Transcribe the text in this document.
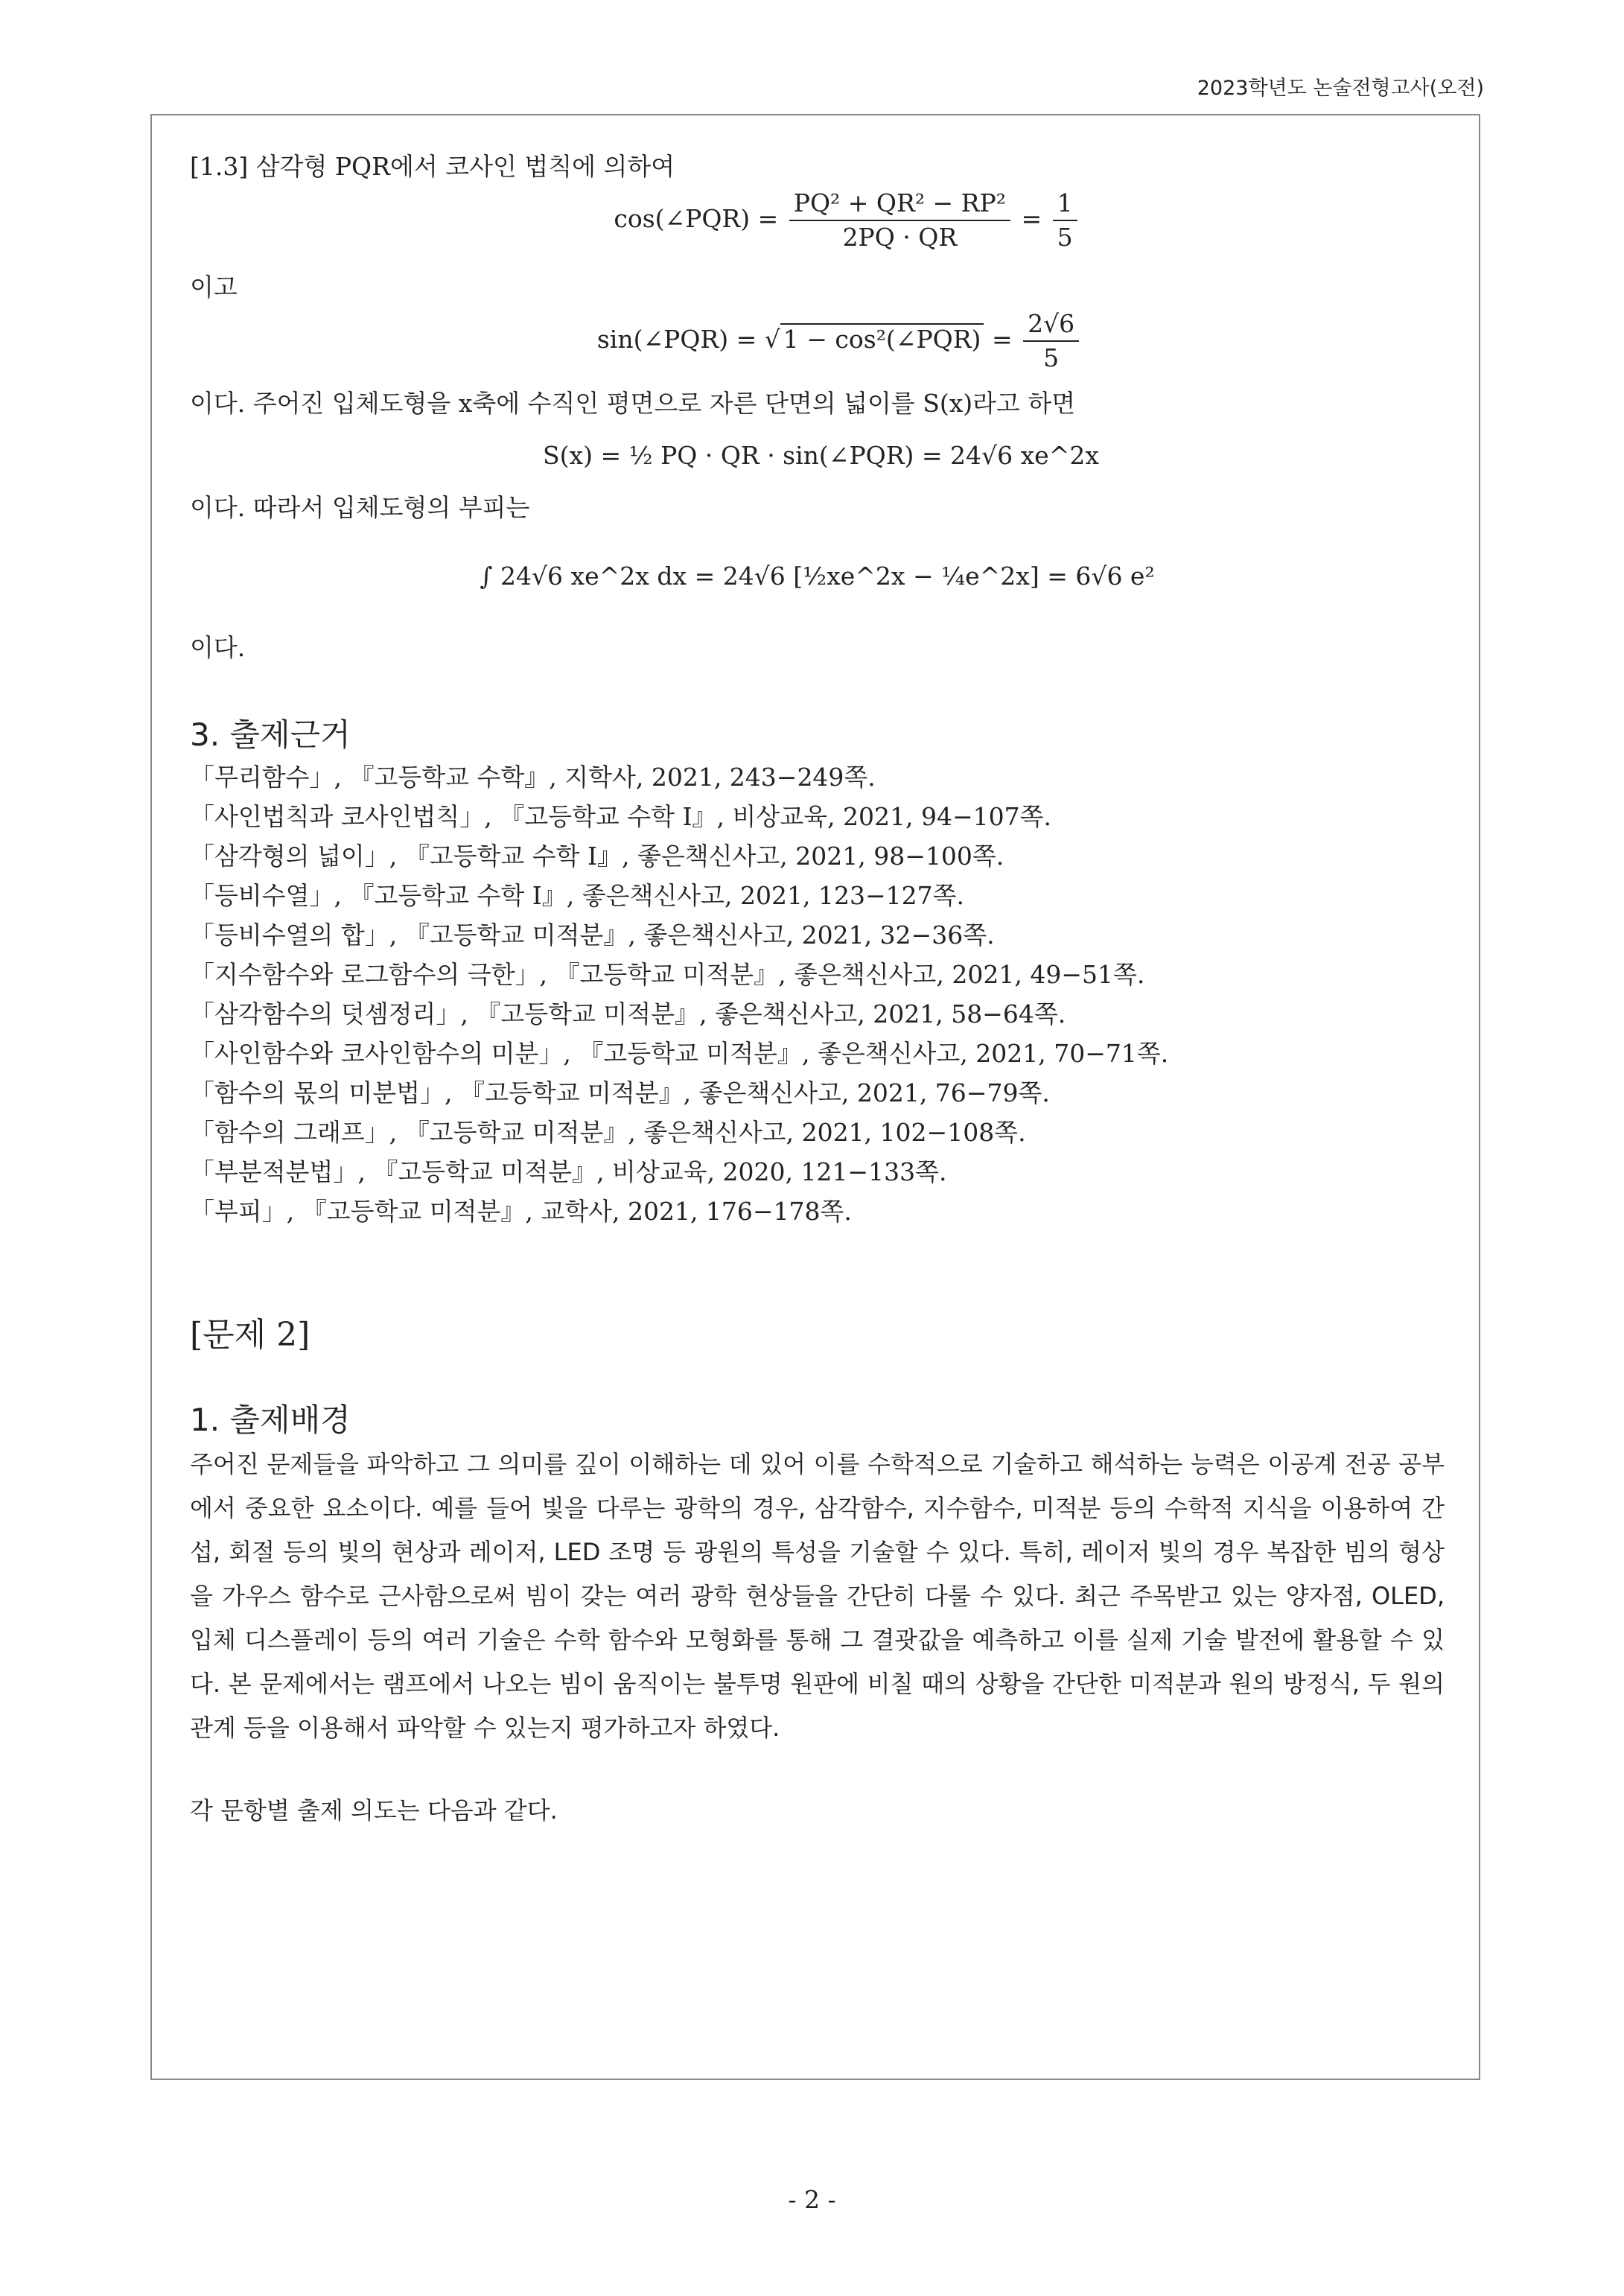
2023학년도 논술전형고사(오전)

[1.3] 삼각형 PQR에서 코사인 법칙에 의하여

cos(∠PQR) = $\frac{\text{PQ² + QR² − RP²}}{2PQ \cdot QR} = \frac{1}{5}$

이고

sin(∠PQR) = √ 1 − cos²(∠PQR) = $\frac{2√6}{5}$

이다. 주어진 입체도형을 x축에 수직인 평면으로 자른 단면의 넓이를 S(x)라고 하면

S(x) = ½ PQ · QR · sin(∠PQR) = 24√6 xe^2x

이다. 따라서 입체도형의 부피는

∫ 24√6 xe^2x dx = 24√6 [½xe^2x − ¼e^2x] = 6√6 e²

이다.

3. 출제근거

「무리함수」, 『고등학교 수학』, 지학사, 2021, 243−249쪽.

「사인법칙과 코사인법칙」, 『고등학교 수학 I』, 비상교육, 2021, 94−107쪽.

「삼각형의 넓이」, 『고등학교 수학 I』, 좋은책신사고, 2021, 98−100쪽.

「등비수열」, 『고등학교 수학 I』, 좋은책신사고, 2021, 123−127쪽.

「등비수열의 합」, 『고등학교 미적분』, 좋은책신사고, 2021, 32−36쪽.

「지수함수와 로그함수의 극한」, 『고등학교 미적분』, 좋은책신사고, 2021, 49−51쪽.

「삼각함수의 덧셈정리」, 『고등학교 미적분』, 좋은책신사고, 2021, 58−64쪽.

「사인함수와 코사인함수의 미분」, 『고등학교 미적분』, 좋은책신사고, 2021, 70−71쪽.

「함수의 몫의 미분법」, 『고등학교 미적분』, 좋은책신사고, 2021, 76−79쪽.

「함수의 그래프」, 『고등학교 미적분』, 좋은책신사고, 2021, 102−108쪽.

「부분적분법」, 『고등학교 미적분』, 비상교육, 2020, 121−133쪽.

「부피」, 『고등학교 미적분』, 교학사, 2021, 176−178쪽.

[문제 2]
1. 출제배경

주어진 문제들을 파악하고 그 의미를 깊이 이해하는 데 있어 이를 수학적으로 기술하고 해석하는 능력은 이공계 전공 공부에서 중요한 요소이다. 예를 들어 빛을 다루는 광학의 경우, 삼각함수, 지수함수, 미적분 등의 수학적 지식을 이용하여 간섭, 회절 등의 빛의 현상과 레이저, LED 조명 등 광원의 특성을 기술할 수 있다. 특히, 레이저 빛의 경우 복잡한 빔의 형상을 가우스 함수로 근사함으로써 빔이 갖는 여러 광학 현상들을 간단히 다룰 수 있다. 최근 주목받고 있는 양자점, OLED, 입체 디스플레이 등의 여러 기술은 수학 함수와 모형화를 통해 그 결괏값을 예측하고 이를 실제 기술 발전에 활용할 수 있다. 본 문제에서는 램프에서 나오는 빔이 움직이는 불투명 원판에 비칠 때의 상황을 간단한 미적분과 원의 방정식, 두 원의 관계 등을 이용해서 파악할 수 있는지 평가하고자 하였다.

각 문항별 출제 의도는 다음과 같다.

- 2 -
